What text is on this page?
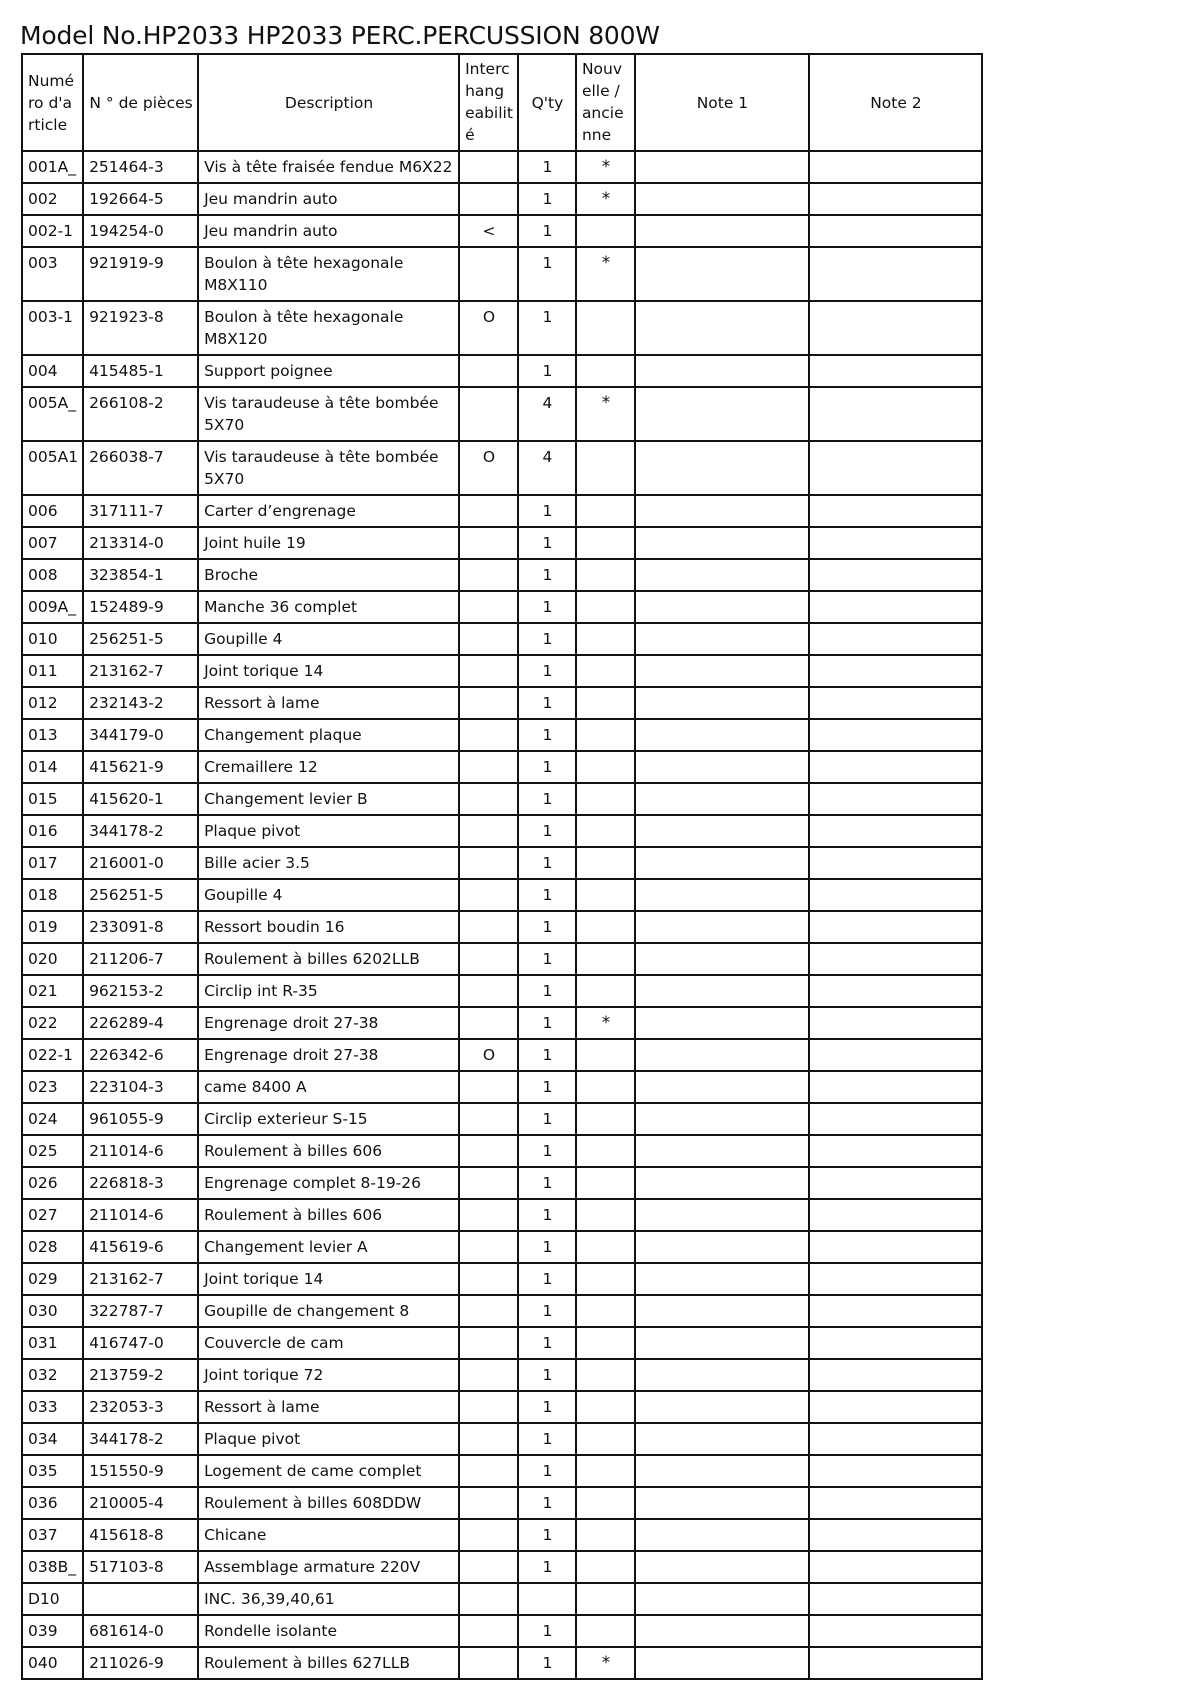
Model No.HP2033 HP2033 PERC.PERCUSSION 800W
Numé ro d'a rticle	N ° de pièces	Description	Interc hang eabilit é	Q'ty	Nouv elle / ancie nne	Note 1	Note 2
001A_	251464-3	Vis à tête fraisée fendue M6X22		1	*		
002	192664-5	Jeu mandrin auto		1	*		
002-1	194254-0	Jeu mandrin auto	<	1			
003	921919-9	Boulon à tête hexagonale M8X110		1	*		
003-1	921923-8	Boulon à tête hexagonale M8X120	O	1			
004	415485-1	Support poignee		1			
005A_	266108-2	Vis taraudeuse à tête bombée 5X70		4	*		
005A1	266038-7	Vis taraudeuse à tête bombée 5X70	O	4			
006	317111-7	Carter d’engrenage		1			
007	213314-0	Joint huile 19		1			
008	323854-1	Broche		1			
009A_	152489-9	Manche 36 complet		1			
010	256251-5	Goupille 4		1			
011	213162-7	Joint torique 14		1			
012	232143-2	Ressort à lame		1			
013	344179-0	Changement plaque		1			
014	415621-9	Cremaillere 12		1			
015	415620-1	Changement levier B		1			
016	344178-2	Plaque pivot		1			
017	216001-0	Bille acier 3.5		1			
018	256251-5	Goupille 4		1			
019	233091-8	Ressort boudin 16		1			
020	211206-7	Roulement à billes 6202LLB		1			
021	962153-2	Circlip int R-35		1			
022	226289-4	Engrenage droit 27-38		1	*		
022-1	226342-6	Engrenage droit 27-38	O	1			
023	223104-3	came 8400 A		1			
024	961055-9	Circlip exterieur S-15		1			
025	211014-6	Roulement à billes 606		1			
026	226818-3	Engrenage complet 8-19-26		1			
027	211014-6	Roulement à billes 606		1			
028	415619-6	Changement levier A		1			
029	213162-7	Joint torique 14		1			
030	322787-7	Goupille de changement 8		1			
031	416747-0	Couvercle de cam		1			
032	213759-2	Joint torique 72		1			
033	232053-3	Ressort à lame		1			
034	344178-2	Plaque pivot		1			
035	151550-9	Logement de came complet		1			
036	210005-4	Roulement à billes 608DDW		1			
037	415618-8	Chicane		1			
038B_	517103-8	Assemblage armature 220V		1			
D10		INC. 36,39,40,61					
039	681614-0	Rondelle isolante		1			
040	211026-9	Roulement à billes 627LLB		1	*		
